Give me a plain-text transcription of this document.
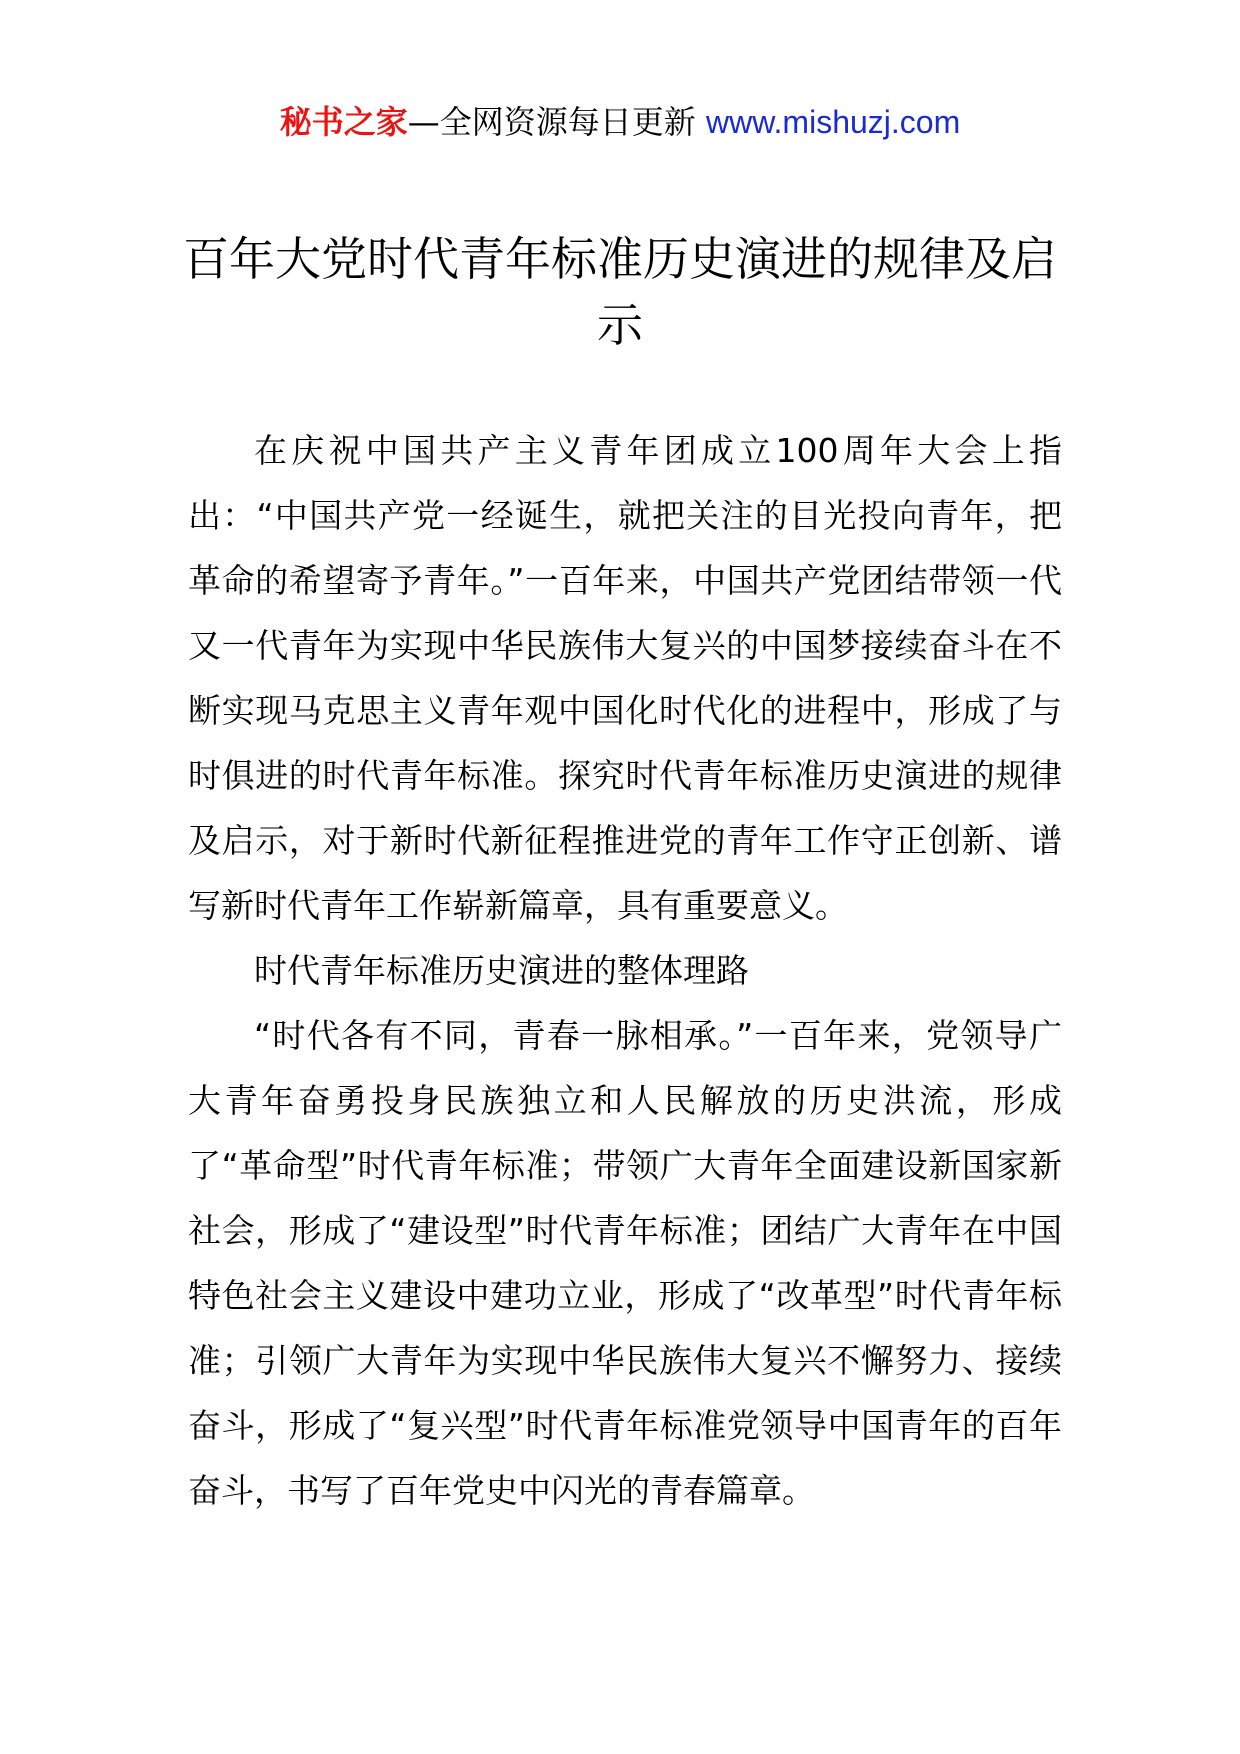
秘书之家—全网资源每日更新 www.mishuzj.com
百年大党时代青年标准历史演进的规律及启示

在庆祝中国共产主义青年团成立100周年大会上指出：“中国共产党一经诞生，就把关注的目光投向青年，把革命的希望寄予青年。”一百年来，中国共产党团结带领一代又一代青年为实现中华民族伟大复兴的中国梦接续奋斗在不断实现马克思主义青年观中国化时代化的进程中，形成了与时俱进的时代青年标准。探究时代青年标准历史演进的规律及启示，对于新时代新征程推进党的青年工作守正创新、谱写新时代青年工作崭新篇章，具有重要意义。

时代青年标准历史演进的整体理路

“时代各有不同，青春一脉相承。”一百年来，党领导广大青年奋勇投身民族独立和人民解放的历史洪流，形成了“革命型”时代青年标准；带领广大青年全面建设新国家新社会，形成了“建设型”时代青年标准；团结广大青年在中国特色社会主义建设中建功立业，形成了“改革型”时代青年标准；引领广大青年为实现中华民族伟大复兴不懈努力、接续奋斗，形成了“复兴型”时代青年标准党领导中国青年的百年奋斗，书写了百年党史中闪光的青春篇章。
